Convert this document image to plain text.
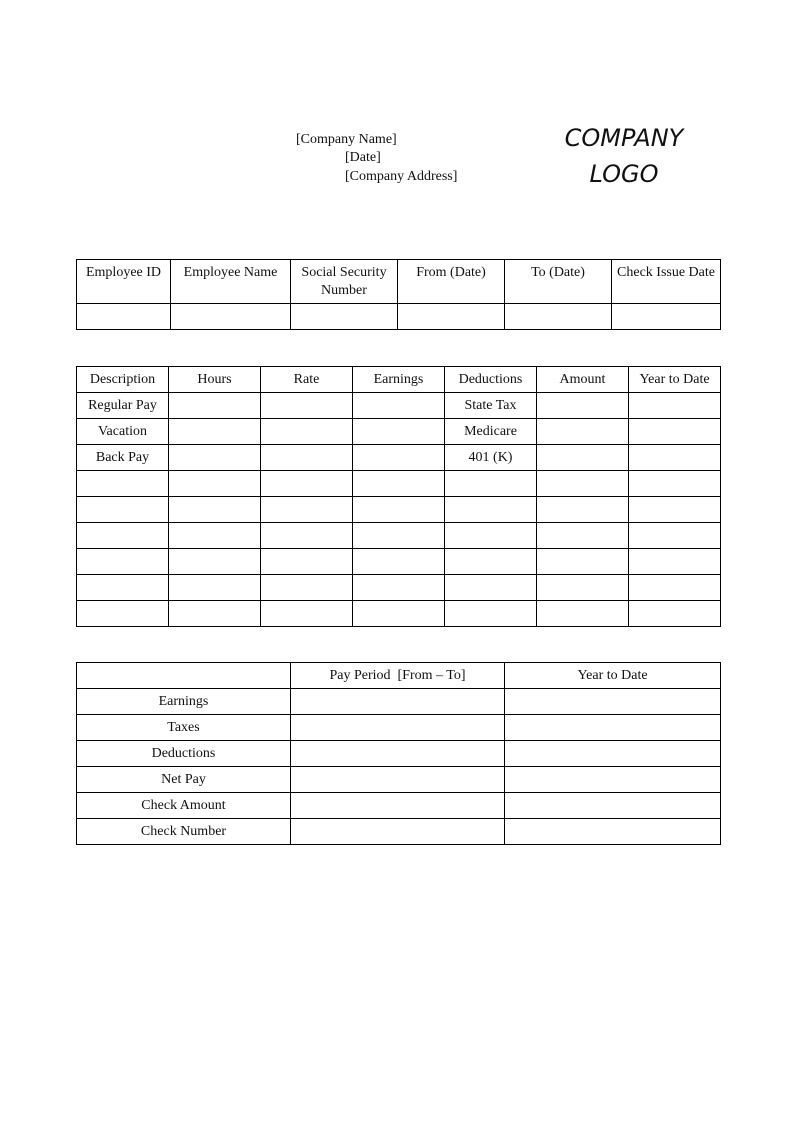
[Company Name]
[Date]
[Company Address]
COMPANY
LOGO
Employee ID	Employee Name	Social Security Number	From (Date)	To (Date)	Check Issue Date

Description	Hours	Rate	Earnings	Deductions	Amount	Year to Date
Regular Pay				State Tax		
Vacation				Medicare		
Back Pay				401 (K)		

	Pay Period  [From – To]	Year to Date
Earnings		
Taxes		
Deductions		
Net Pay		
Check Amount		
Check Number		
